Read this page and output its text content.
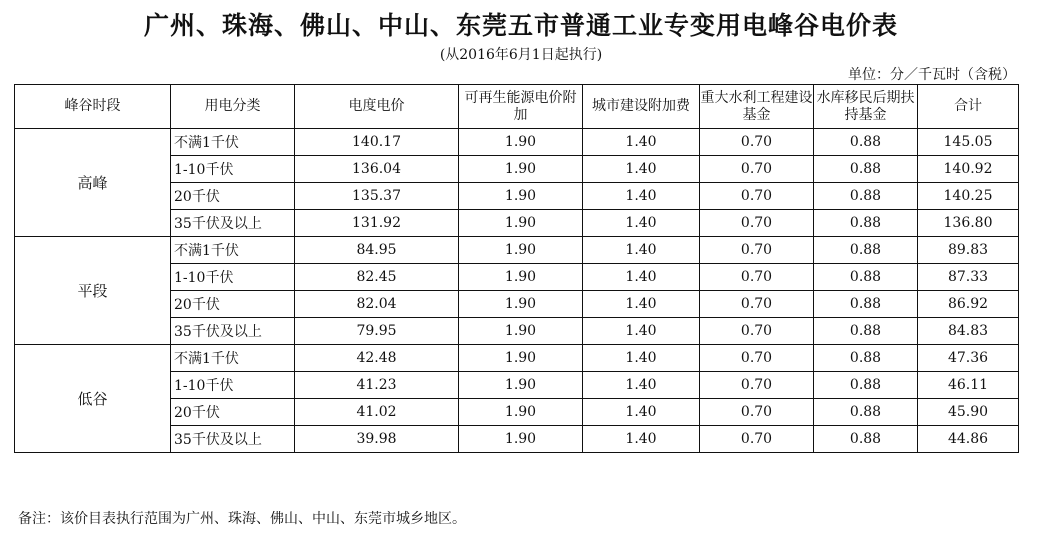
广州、珠海、佛山、中山、东莞五市普通工业专变用电峰谷电价表
(从2016年6月1日起执行)
单位：分／千瓦时（含税）
峰谷时段	用电分类	电度电价	可再生能源电价附加	城市建设附加费	重大水利工程建设基金	水库移民后期扶持基金	合计
高峰	不满1千伏	140.17	1.90	1.40	0.70	0.88	145.05
	1-10千伏	136.04	1.90	1.40	0.70	0.88	140.92
	20千伏	135.37	1.90	1.40	0.70	0.88	140.25
	35千伏及以上	131.92	1.90	1.40	0.70	0.88	136.80
平段	不满1千伏	84.95	1.90	1.40	0.70	0.88	89.83
	1-10千伏	82.45	1.90	1.40	0.70	0.88	87.33
	20千伏	82.04	1.90	1.40	0.70	0.88	86.92
	35千伏及以上	79.95	1.90	1.40	0.70	0.88	84.83
低谷	不满1千伏	42.48	1.90	1.40	0.70	0.88	47.36
	1-10千伏	41.23	1.90	1.40	0.70	0.88	46.11
	20千伏	41.02	1.90	1.40	0.70	0.88	45.90
	35千伏及以上	39.98	1.90	1.40	0.70	0.88	44.86
备注：该价目表执行范围为广州、珠海、佛山、中山、东莞市城乡地区。
